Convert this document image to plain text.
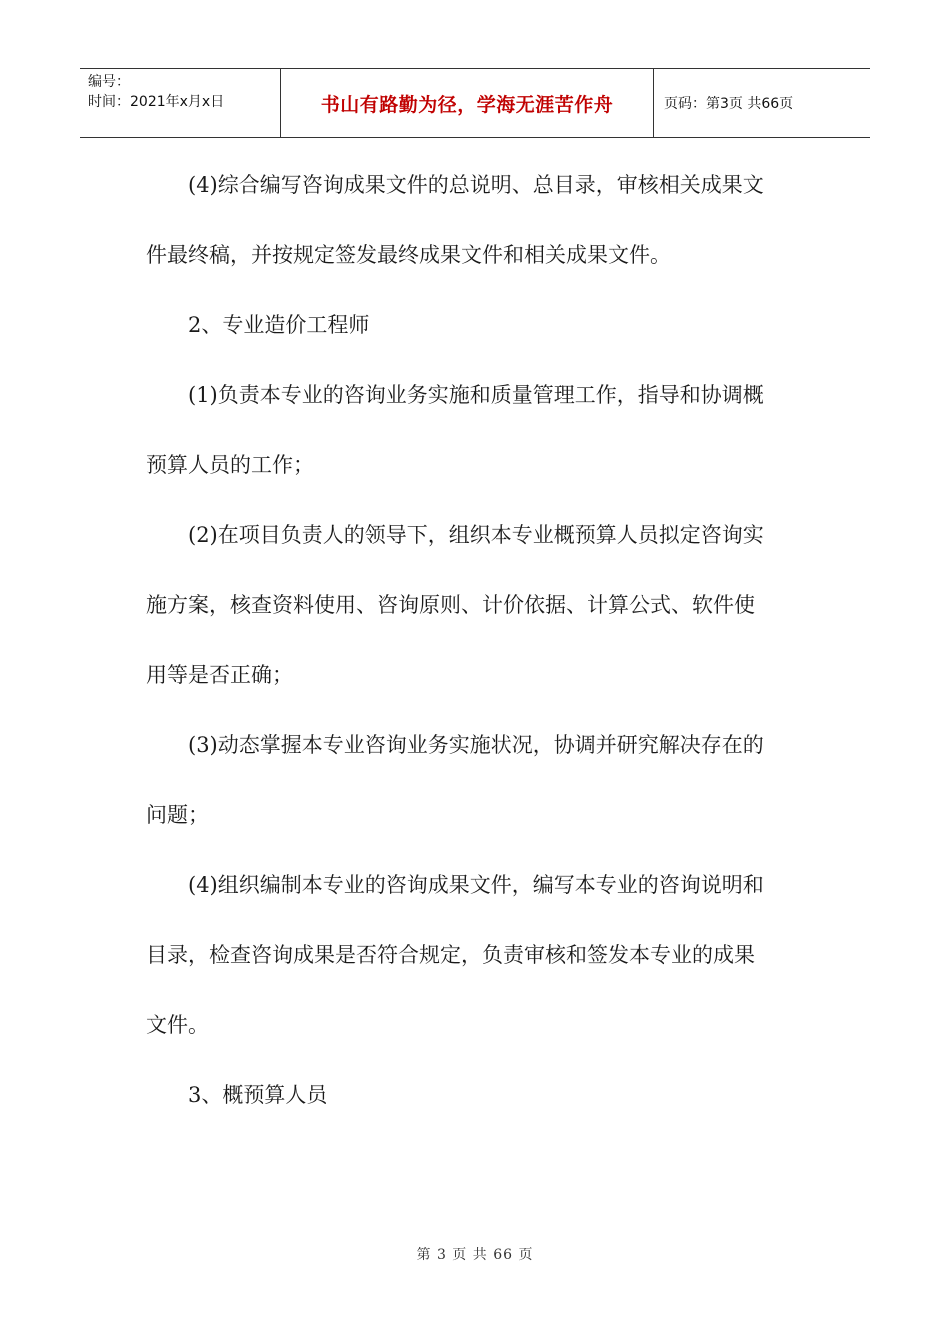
编号：
时间：2021年x月x日	书山有路勤为径，学海无涯苦作舟	页码：第3页 共66页

(4)综合编写咨询成果文件的总说明、总目录，审核相关成果文

件最终稿，并按规定签发最终成果文件和相关成果文件。

2、专业造价工程师

(1)负责本专业的咨询业务实施和质量管理工作，指导和协调概

预算人员的工作；

(2)在项目负责人的领导下，组织本专业概预算人员拟定咨询实

施方案，核查资料使用、咨询原则、计价依据、计算公式、软件使

用等是否正确；

(3)动态掌握本专业咨询业务实施状况，协调并研究解决存在的

问题；

(4)组织编制本专业的咨询成果文件，编写本专业的咨询说明和

目录，检查咨询成果是否符合规定，负责审核和签发本专业的成果

文件。

3、概预算人员

第 3 页 共 66 页
